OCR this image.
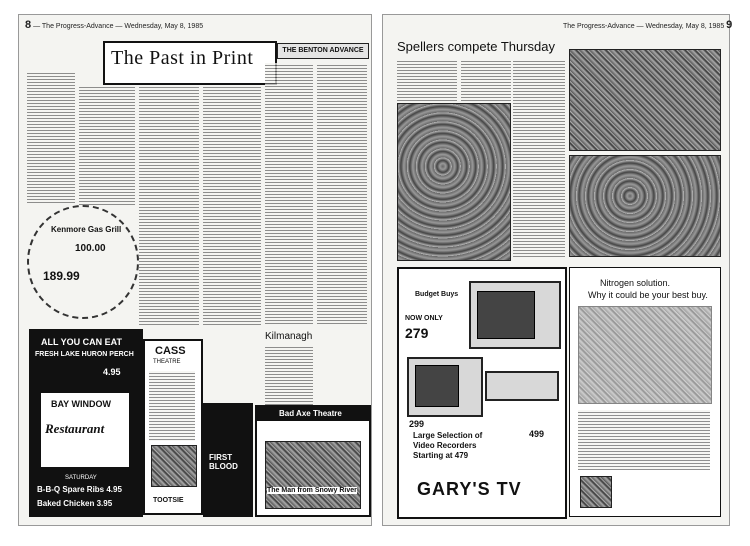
8 — The Progress-Advance — Wednesday, May 8, 1985
The Past in Print	THE BENTON ADVANCE
Kenmore Gas Grill
100.00
189.99
ALL YOU CAN EAT
FRESH LAKE HURON PERCH
4.95
BAY WINDOW
Restaurant
SATURDAY
B-B-Q Spare Ribs 4.95
Baked Chicken 3.95
CASS
THEATRE
TOOTSIE
FIRST BLOOD
Kilmanagh
Bad Axe Theatre
The Man from Snowy River
The Progress-Advance — Wednesday, May 8, 1985 9
Spellers compete Thursday
Budget Buys
NOW ONLY
279
299
499
Large Selection of
Video Recorders
Starting at 479
GARY'S TV
Nitrogen solution.
Why it could be your best buy.
